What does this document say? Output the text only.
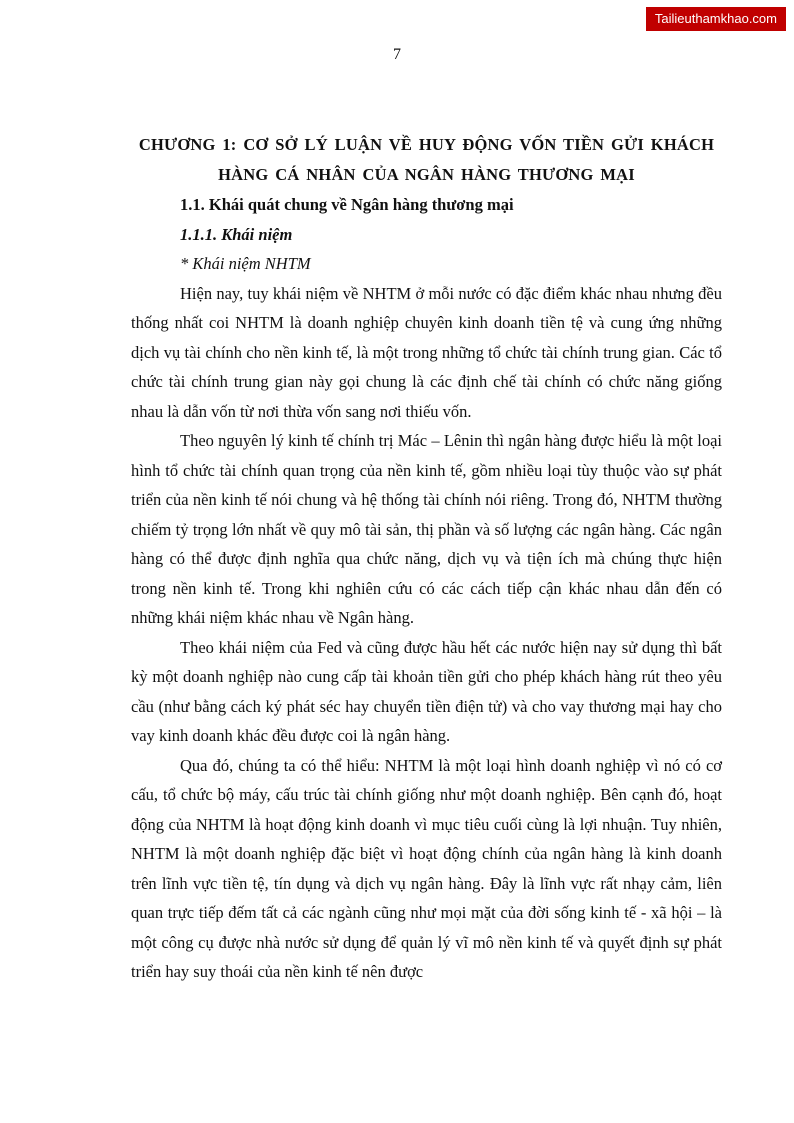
Tailieuthamkhao.com
7
CHƯƠNG 1: CƠ SỞ LÝ LUẬN VỀ HUY ĐỘNG VỐN TIỀN GỬI KHÁCH
HÀNG CÁ NHÂN CỦA NGÂN HÀNG THƯƠNG MẠI

1.1. Khái quát chung về Ngân hàng thương mại

1.1.1. Khái niệm

* Khái niệm NHTM

Hiện nay, tuy khái niệm về NHTM ở mỗi nước có đặc điểm khác nhau nhưng đều thống nhất coi NHTM là doanh nghiệp chuyên kinh doanh tiền tệ và cung ứng những dịch vụ tài chính cho nền kinh tế, là một trong những tổ chức tài chính trung gian. Các tổ chức tài chính trung gian này gọi chung là các định chế tài chính có chức năng giống nhau là dẫn vốn từ nơi thừa vốn sang nơi thiếu vốn.

Theo nguyên lý kinh tế chính trị Mác – Lênin thì ngân hàng được hiểu là một loại hình tổ chức tài chính quan trọng của nền kinh tế, gồm nhiều loại tùy thuộc vào sự phát triển của nền kinh tế nói chung và hệ thống tài chính nói riêng. Trong đó, NHTM thường chiếm tỷ trọng lớn nhất về quy mô tài sản, thị phần và số lượng các ngân hàng. Các ngân hàng có thể được định nghĩa qua chức năng, dịch vụ và tiện ích mà chúng thực hiện trong nền kinh tế. Trong khi nghiên cứu có các cách tiếp cận khác nhau dẫn đến có những khái niệm khác nhau về Ngân hàng.

Theo khái niệm của Fed và cũng được hầu hết các nước hiện nay sử dụng thì bất kỳ một doanh nghiệp nào cung cấp tài khoản tiền gửi cho phép khách hàng rút theo yêu cầu (như bằng cách ký phát séc hay chuyển tiền điện tử) và cho vay thương mại hay cho vay kinh doanh khác đều được coi là ngân hàng.

Qua đó, chúng ta có thể hiểu: NHTM là một loại hình doanh nghiệp vì nó có cơ cấu, tổ chức bộ máy, cấu trúc tài chính giống như một doanh nghiệp. Bên cạnh đó, hoạt động của NHTM là hoạt động kinh doanh vì mục tiêu cuối cùng là lợi nhuận. Tuy nhiên, NHTM là một doanh nghiệp đặc biệt vì hoạt động chính của ngân hàng là kinh doanh trên lĩnh vực tiền tệ, tín dụng và dịch vụ ngân hàng. Đây là lĩnh vực rất nhạy cảm, liên quan trực tiếp đếm tất cả các ngành cũng như mọi mặt của đời sống kinh tế - xã hội – là một công cụ được nhà nước sử dụng để quản lý vĩ mô nền kinh tế và quyết định sự phát triển hay suy thoái của nền kinh tế nên được
